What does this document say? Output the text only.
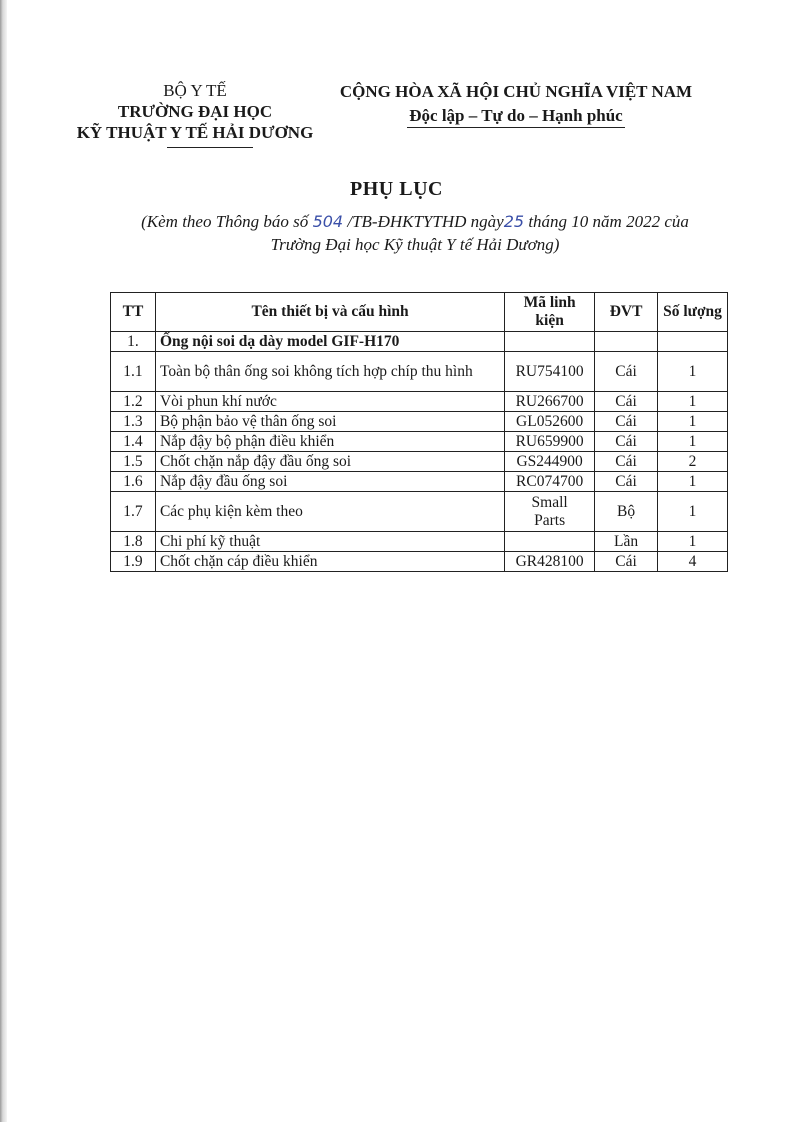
BỘ Y TẾ
TRƯỜNG ĐẠI HỌC
KỸ THUẬT Y TẾ HẢI DƯƠNG
CỘNG HÒA XÃ HỘI CHỦ NGHĨA VIỆT NAM
Độc lập – Tự do – Hạnh phúc
PHỤ LỤC
(Kèm theo Thông báo số 504 /TB-ĐHKTYTHD ngày25 tháng 10 năm 2022 của
Trường Đại học Kỹ thuật Y tế Hải Dương)
TT	Tên thiết bị và cấu hình	Mã linh kiện	ĐVT	Số lượng
1.	Ống nội soi dạ dày model GIF-H170			
1.1	Toàn bộ thân ống soi không tích hợp chíp thu hình	RU754100	Cái	1
1.2	Vòi phun khí nước	RU266700	Cái	1
1.3	Bộ phận bảo vệ thân ống soi	GL052600	Cái	1
1.4	Nắp đậy bộ phận điều khiển	RU659900	Cái	1
1.5	Chốt chặn nắp đậy đầu ống soi	GS244900	Cái	2
1.6	Nắp đậy đầu ống soi	RC074700	Cái	1
1.7	Các phụ kiện kèm theo	Small Parts	Bộ	1
1.8	Chi phí kỹ thuật		Lần	1
1.9	Chốt chặn cáp điều khiển	GR428100	Cái	4
